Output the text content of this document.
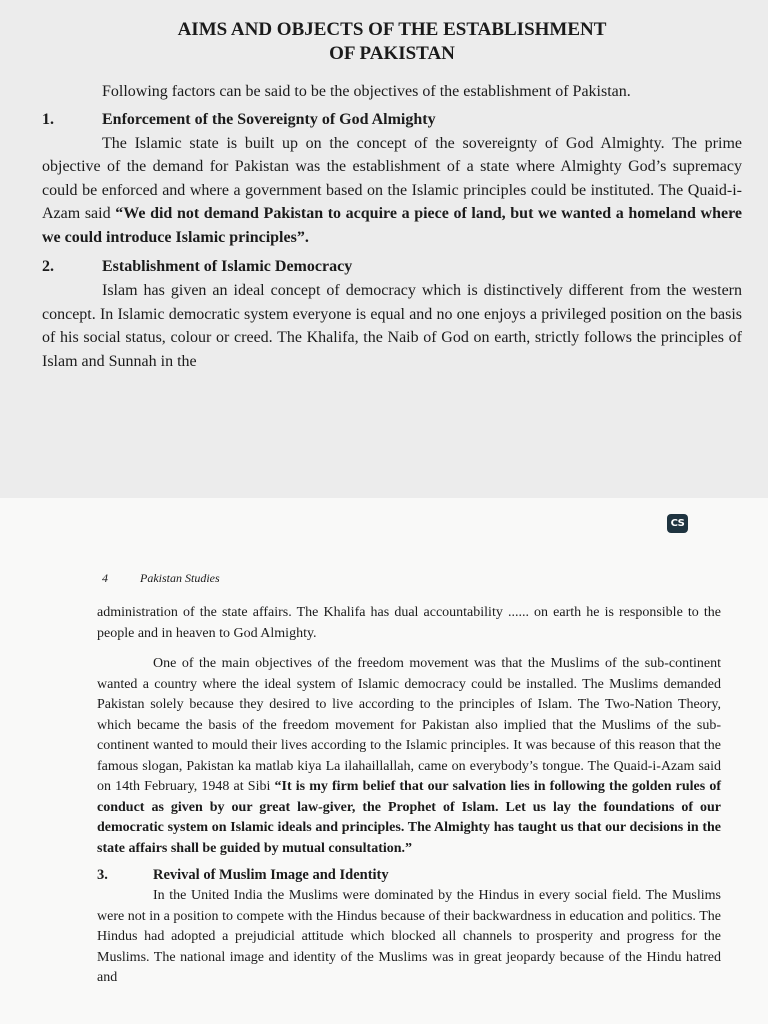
AIMS AND OBJECTS OF THE ESTABLISHMENT
OF PAKISTAN

Following factors can be said to be the objectives of the establishment of Pakistan.

1.	Enforcement of the Sovereignty of God Almighty

The Islamic state is built up on the concept of the sovereignty of God Almighty. The prime objective of the demand for Pakistan was the establishment of a state where Almighty God’s supremacy could be enforced and where a government based on the Islamic principles could be instituted. The Quaid-i-Azam said “We did not demand Pakistan to acquire a piece of land, but we wanted a homeland where we could introduce Islamic principles”.

2.	Establishment of Islamic Democracy

Islam has given an ideal concept of democracy which is distinctively different from the western concept. In Islamic democratic system everyone is equal and no one enjoys a privileged position on the basis of his social status, colour or creed. The Khalifa, the Naib of God on earth, strictly follows the principles of Islam and Sunnah in the

CS
4	Pakistan Studies

administration of the state affairs. The Khalifa has dual accountability ...... on earth he is responsible to the people and in heaven to God Almighty.

One of the main objectives of the freedom movement was that the Muslims of the sub-continent wanted a country where the ideal system of Islamic democracy could be installed. The Muslims demanded Pakistan solely because they desired to live according to the principles of Islam. The Two-Nation Theory, which became the basis of the freedom movement for Pakistan also implied that the Muslims of the sub-continent wanted to mould their lives according to the Islamic principles. It was because of this reason that the famous slogan, Pakistan ka matlab kiya La ilahaillallah, came on everybody’s tongue. The Quaid-i-Azam said on 14th February, 1948 at Sibi “It is my firm belief that our salvation lies in following the golden rules of conduct as given by our great law-giver, the Prophet of Islam. Let us lay the foundations of our democratic system on Islamic ideals and principles. The Almighty has taught us that our decisions in the state affairs shall be guided by mutual consultation.”

3.	Revival of Muslim Image and Identity

In the United India the Muslims were dominated by the Hindus in every social field. The Muslims were not in a position to compete with the Hindus because of their backwardness in education and politics. The Hindus had adopted a prejudicial attitude which blocked all channels to prosperity and progress for the Muslims. The national image and identity of the Muslims was in great jeopardy because of the Hindu hatred and
